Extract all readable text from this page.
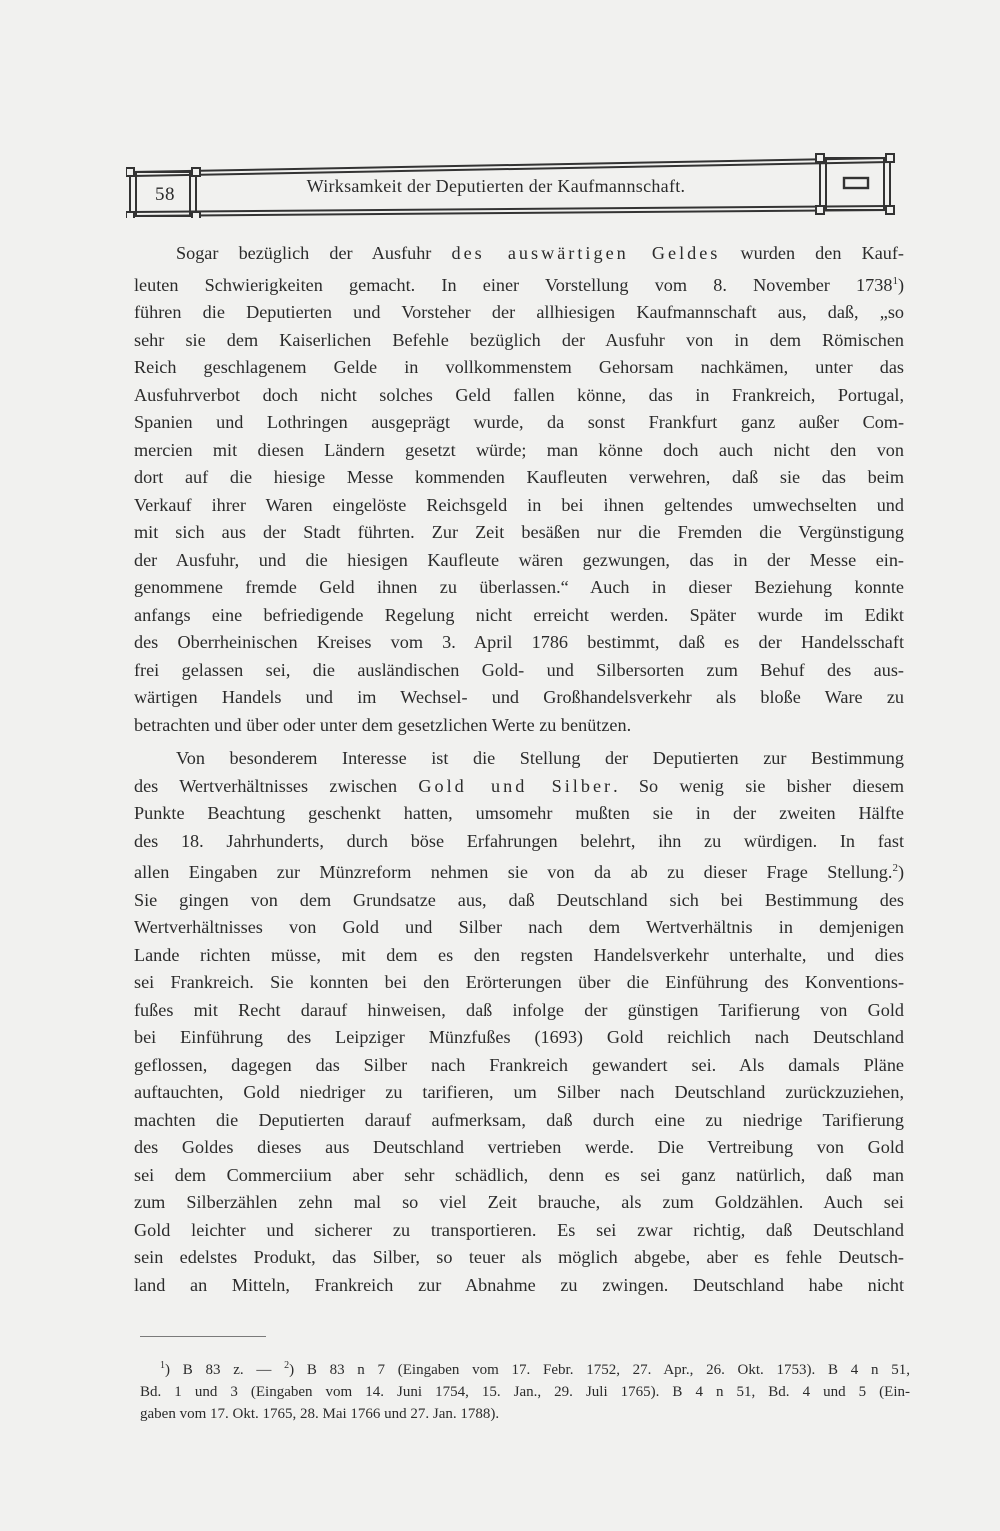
58	Wirksamkeit der Deputierten der Kaufmannschaft.
Sogar bezüglich der Ausfuhr des auswärtigen Geldes wurden den Kauf-
leuten Schwierigkeiten gemacht. In einer Vorstellung vom 8. November 1738$^1$)
führen die Deputierten und Vorsteher der allhiesigen Kaufmannschaft aus, daß, „so
sehr sie dem Kaiserlichen Befehle bezüglich der Ausfuhr von in dem Römischen
Reich geschlagenem Gelde in vollkommenstem Gehorsam nachkämen, unter das
Ausfuhrverbot doch nicht solches Geld fallen könne, das in Frankreich, Portugal,
Spanien und Lothringen ausgeprägt wurde, da sonst Frankfurt ganz außer Com-
mercien mit diesen Ländern gesetzt würde; man könne doch auch nicht den von
dort auf die hiesige Messe kommenden Kaufleuten verwehren, daß sie das beim
Verkauf ihrer Waren eingelöste Reichsgeld in bei ihnen geltendes umwechselten und
mit sich aus der Stadt führten. Zur Zeit besäßen nur die Fremden die Vergünstigung
der Ausfuhr, und die hiesigen Kaufleute wären gezwungen, das in der Messe ein-
genommene fremde Geld ihnen zu überlassen.“ Auch in dieser Beziehung konnte
anfangs eine befriedigende Regelung nicht erreicht werden. Später wurde im Edikt
des Oberrheinischen Kreises vom 3. April 1786 bestimmt, daß es der Handelsschaft
frei gelassen sei, die ausländischen Gold- und Silbersorten zum Behuf des aus-
wärtigen Handels und im Wechsel- und Großhandelsverkehr als bloße Ware zu
betrachten und über oder unter dem gesetzlichen Werte zu benützen.
Von besonderem Interesse ist die Stellung der Deputierten zur Bestimmung
des Wertverhältnisses zwischen Gold und Silber. So wenig sie bisher diesem
Punkte Beachtung geschenkt hatten, umsomehr mußten sie in der zweiten Hälfte
des 18. Jahrhunderts, durch böse Erfahrungen belehrt, ihn zu würdigen. In fast
allen Eingaben zur Münzreform nehmen sie von da ab zu dieser Frage Stellung.$^2$)
Sie gingen von dem Grundsatze aus, daß Deutschland sich bei Bestimmung des
Wertverhältnisses von Gold und Silber nach dem Wertverhältnis in demjenigen
Lande richten müsse, mit dem es den regsten Handelsverkehr unterhalte, und dies
sei Frankreich. Sie konnten bei den Erörterungen über die Einführung des Konventions-
fußes mit Recht darauf hinweisen, daß infolge der günstigen Tarifierung von Gold
bei Einführung des Leipziger Münzfußes (1693) Gold reichlich nach Deutschland
geflossen, dagegen das Silber nach Frankreich gewandert sei. Als damals Pläne
auftauchten, Gold niedriger zu tarifieren, um Silber nach Deutschland zurückzuziehen,
machten die Deputierten darauf aufmerksam, daß durch eine zu niedrige Tarifierung
des Goldes dieses aus Deutschland vertrieben werde. Die Vertreibung von Gold
sei dem Commerciium aber sehr schädlich, denn es sei ganz natürlich, daß man
zum Silberzählen zehn mal so viel Zeit brauche, als zum Goldzählen. Auch sei
Gold leichter und sicherer zu transportieren. Es sei zwar richtig, daß Deutschland
sein edelstes Produkt, das Silber, so teuer als möglich abgebe, aber es fehle Deutsch-
land an Mitteln, Frankreich zur Abnahme zu zwingen. Deutschland habe nicht
$^1$) B 83 z. — $^2$) B 83 n 7 (Eingaben vom 17. Febr. 1752, 27. Apr., 26. Okt. 1753). B 4 n 51,
Bd. 1 und 3 (Eingaben vom 14. Juni 1754, 15. Jan., 29. Juli 1765). B 4 n 51, Bd. 4 und 5 (Ein-
gaben vom 17. Okt. 1765, 28. Mai 1766 und 27. Jan. 1788).
